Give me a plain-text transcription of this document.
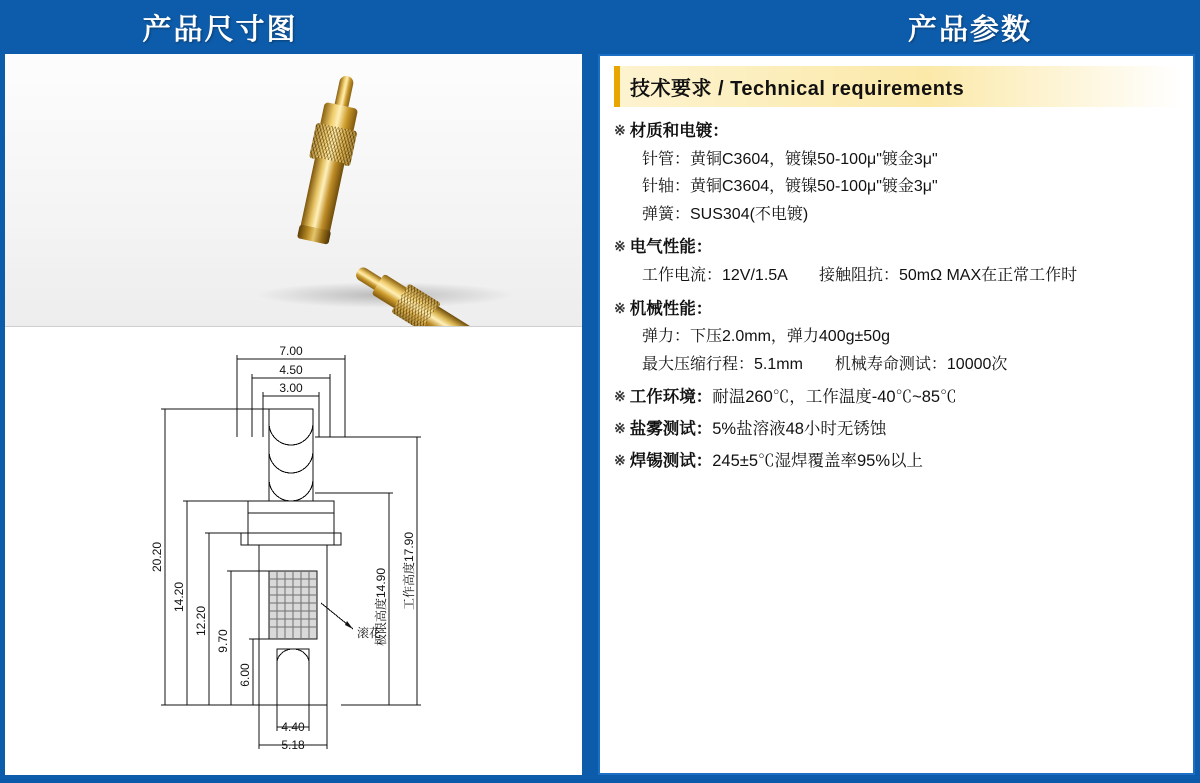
产品尺寸图	产品参数
7.00
4.50
3.00
20.20
14.20
12.20
9.70
6.00
工作高度17.90
极限高度14.90
4.40
5.18
滚花
技术要求 / Technical requirements
※ 材质和电镀：
针管：黄铜C3604，镀镍50-100μ"镀金3μ"
针轴：黄铜C3604，镀镍50-100μ"镀金3μ"
弹簧：SUS304(不电镀)
※ 电气性能：
工作电流：12V/1.5A　　接触阻抗：50mΩ MAX在正常工作时
※ 机械性能：
弹力：下压2.0mm，弹力400g±50g
最大压缩行程：5.1mm　　机械寿命测试：10000次
※ 工作环境： 耐温260℃，工作温度-40℃~85℃
※ 盐雾测试： 5%盐溶液48小时无锈蚀
※ 焊锡测试： 245±5℃湿焊覆盖率95%以上
